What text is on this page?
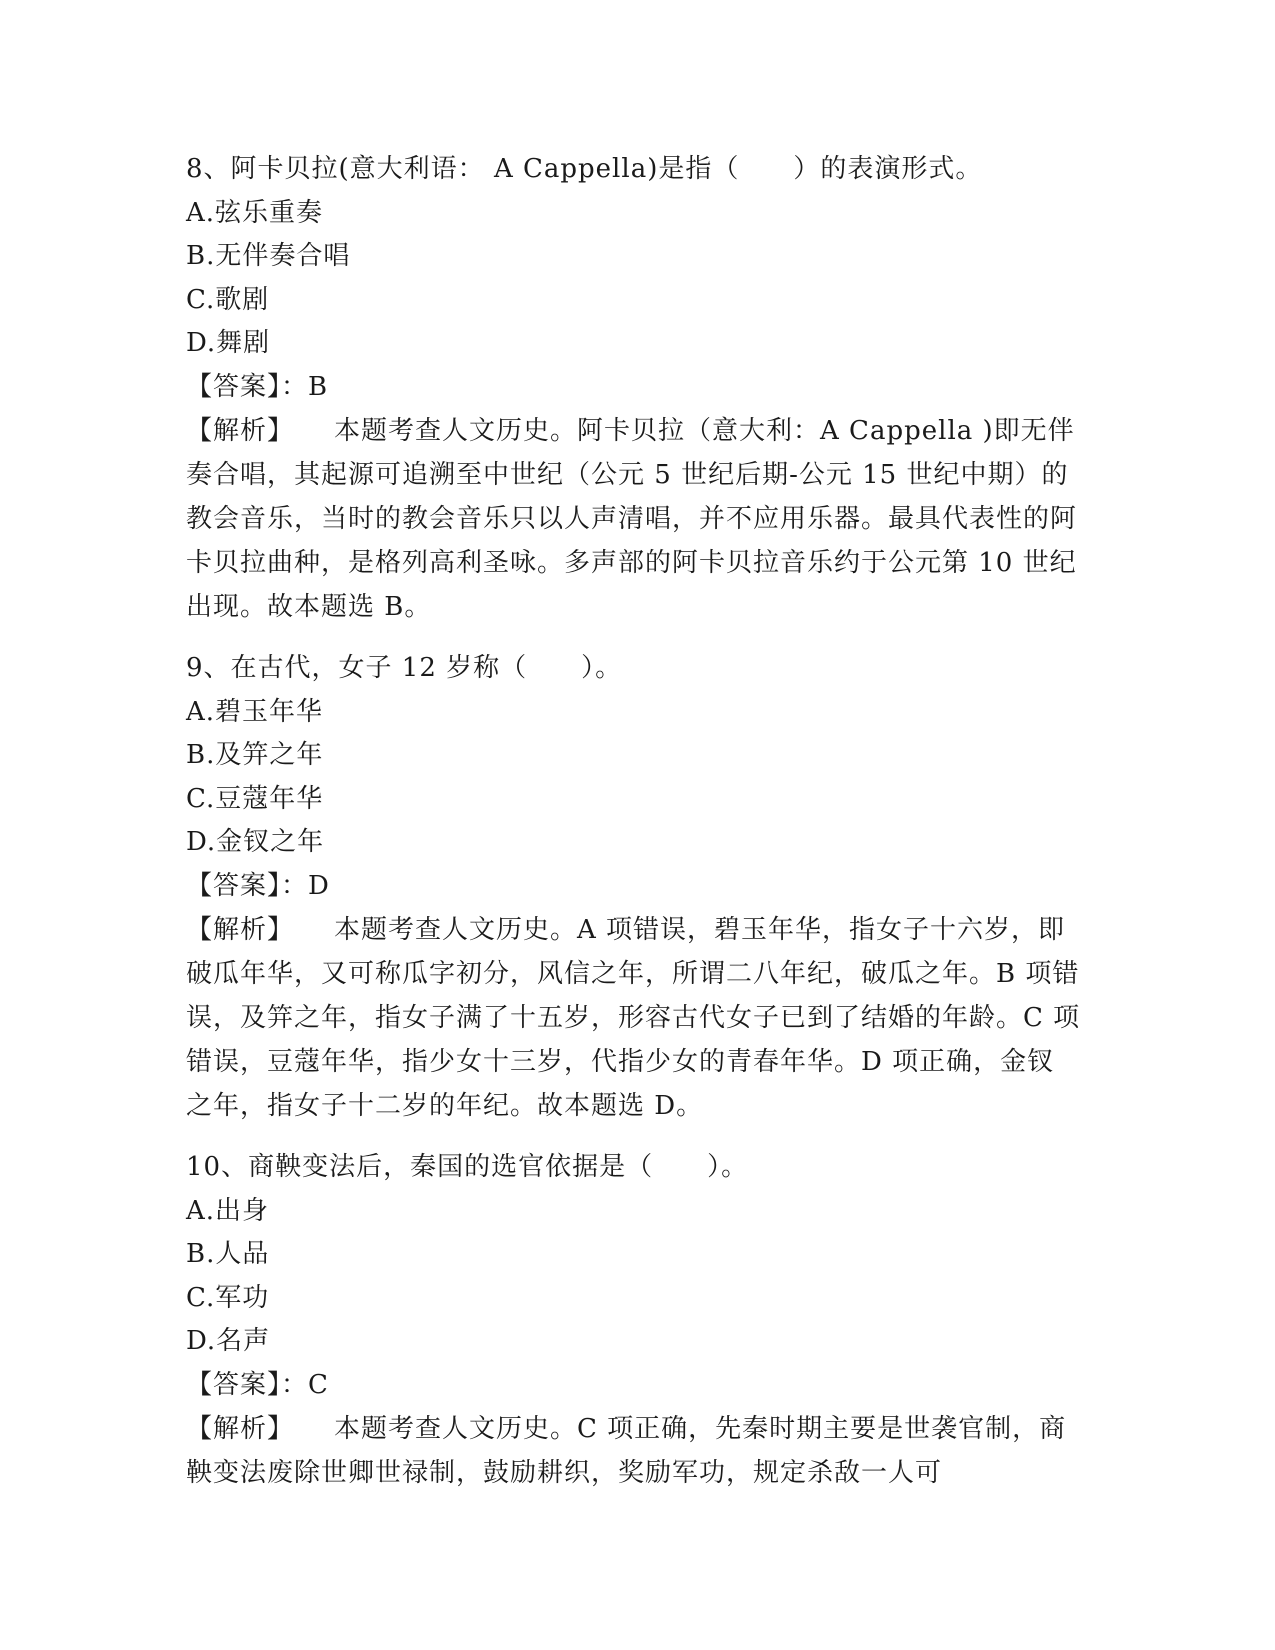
8、阿卡贝拉(意大利语： A Cappella)是指（　　）的表演形式。
A.弦乐重奏
B.无伴奏合唱
C.歌剧
D.舞剧
【答案】：B
【解析】 本题考查人文历史。阿卡贝拉（意大利：A Cappella )即无伴奏合唱，其起源可追溯至中世纪（公元 5 世纪后期-公元 15 世纪中期）的教会音乐，当时的教会音乐只以人声清唱，并不应用乐器。最具代表性的阿卡贝拉曲种，是格列高利圣咏。多声部的阿卡贝拉音乐约于公元第 10 世纪出现。故本题选 B。
9、在古代，女子 12 岁称（　　）。
A.碧玉年华
B.及笄之年
C.豆蔻年华
D.金钗之年
【答案】：D
【解析】 本题考查人文历史。A 项错误，碧玉年华，指女子十六岁，即破瓜年华，又可称瓜字初分，风信之年，所谓二八年纪，破瓜之年。B 项错误，及笄之年，指女子满了十五岁，形容古代女子已到了结婚的年龄。C 项错误，豆蔻年华，指少女十三岁，代指少女的青春年华。D 项正确，金钗之年，指女子十二岁的年纪。故本题选 D。
10、商鞅变法后，秦国的选官依据是（　　）。
A.出身
B.人品
C.军功
D.名声
【答案】：C
【解析】 本题考查人文历史。C 项正确，先秦时期主要是世袭官制，商鞅变法废除世卿世禄制，鼓励耕织，奖励军功，规定杀敌一人可
